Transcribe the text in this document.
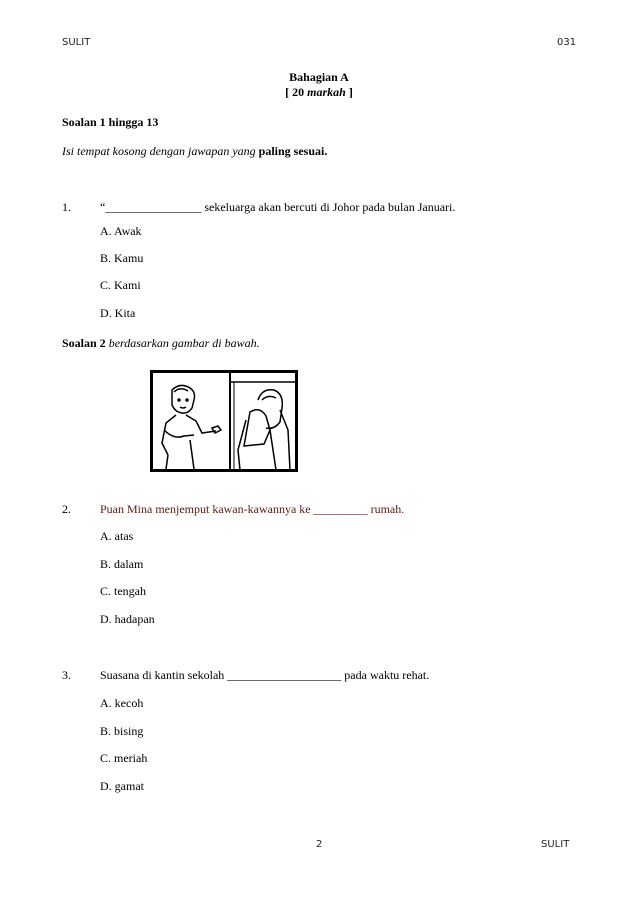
SULIT	031
Bahagian A
[ 20 markah ]
Soalan 1 hingga 13
Isi tempat kosong dengan jawapan yang paling sesuai.
1. “________________ sekeluarga akan bercuti di Johor pada bulan Januari.
A. Awak
B. Kamu
C. Kami
D. Kita
Soalan 2 berdasarkan gambar di bawah.
2. Puan Mina menjemput kawan-kawannya ke _________ rumah.
A. atas
B. dalam
C. tengah
D. hadapan
3. Suasana di kantin sekolah ___________________ pada waktu rehat.
A. kecoh
B. bising
C. meriah
D. gamat
2	SULIT
